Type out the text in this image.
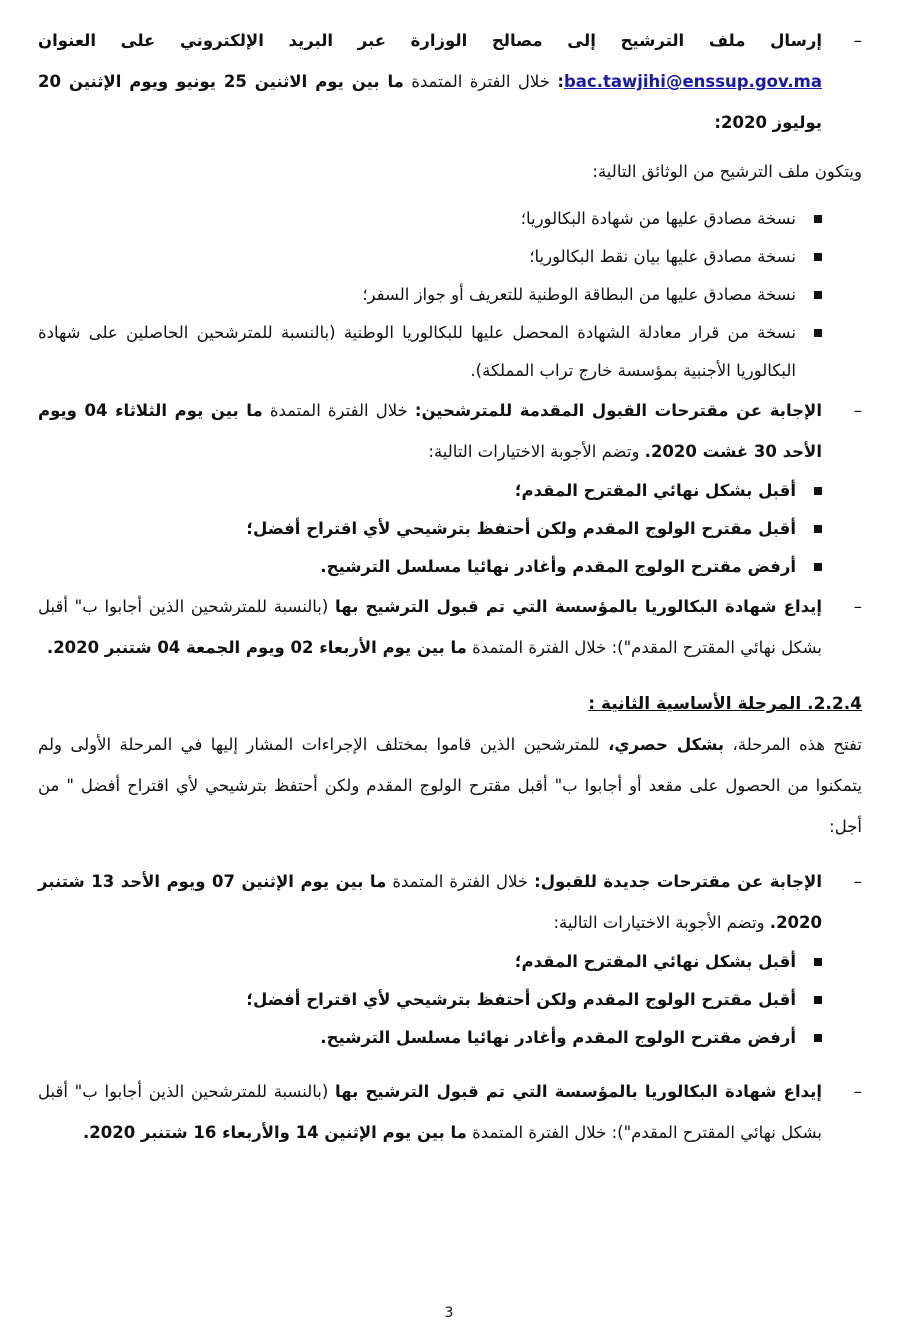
– إرسال ملف الترشيح إلى مصالح الوزارة عبر البريد الإلكتروني على العنوان bac.tawjihi@enssup.gov.ma: خلال الفترة المتمدة ما بين يوم الاثنين 25 يونيو ويوم الإثنين 20 يوليوز 2020:

ويتكون ملف الترشيح من الوثائق التالية:

نسخة مصادق عليها من شهادة البكالوريا؛
نسخة مصادق عليها بيان نقط البكالوريا؛
نسخة مصادق عليها من البطاقة الوطنية للتعريف أو جواز السفر؛
نسخة من قرار معادلة الشهادة المحصل عليها للبكالوريا الوطنية (بالنسبة للمترشحين الحاصلين على شهادة البكالوريا الأجنبية بمؤسسة خارج تراب المملكة).
– الإجابة عن مقترحات القبول المقدمة للمترشحين: خلال الفترة المتمدة ما بين يوم الثلاثاء 04 ويوم الأحد 30 غشت 2020. وتضم الأجوبة الاختيارات التالية:
أقبل بشكل نهائي المقترح المقدم؛
أقبل مقترح الولوج المقدم ولكن أحتفظ بترشيحي لأي اقتراح أفضل؛
أرفض مقترح الولوج المقدم وأغادر نهائيا مسلسل الترشيح.
– إيداع شهادة البكالوريا بالمؤسسة التي تم قبول الترشيح بها (بالنسبة للمترشحين الذين أجابوا ب" أقبل بشكل نهائي المقترح المقدم"): خلال الفترة المتمدة ما بين يوم الأربعاء 02 ويوم الجمعة 04 شتنبر 2020.
2.2.4. المرحلة الأساسية الثانية :

تفتح هذه المرحلة، بشكل حصري، للمترشحين الذين قاموا بمختلف الإجراءات المشار إليها في المرحلة الأولى ولم يتمكنوا من الحصول على مقعد أو أجابوا ب" أقبل مقترح الولوج المقدم ولكن أحتفظ بترشيحي لأي اقتراح أفضل " من أجل:

– الإجابة عن مقترحات جديدة للقبول: خلال الفترة المتمدة ما بين يوم الإثنين 07 ويوم الأحد 13 شتنبر 2020. وتضم الأجوبة الاختيارات التالية:
أقبل بشكل نهائي المقترح المقدم؛
أقبل مقترح الولوج المقدم ولكن أحتفظ بترشيحي لأي اقتراح أفضل؛
أرفض مقترح الولوج المقدم وأغادر نهائيا مسلسل الترشيح.
– إيداع شهادة البكالوريا بالمؤسسة التي تم قبول الترشيح بها (بالنسبة للمترشحين الذين أجابوا ب" أقبل بشكل نهائي المقترح المقدم"): خلال الفترة المتمدة ما بين يوم الإثنين 14 والأربعاء 16 شتنبر 2020.
3
